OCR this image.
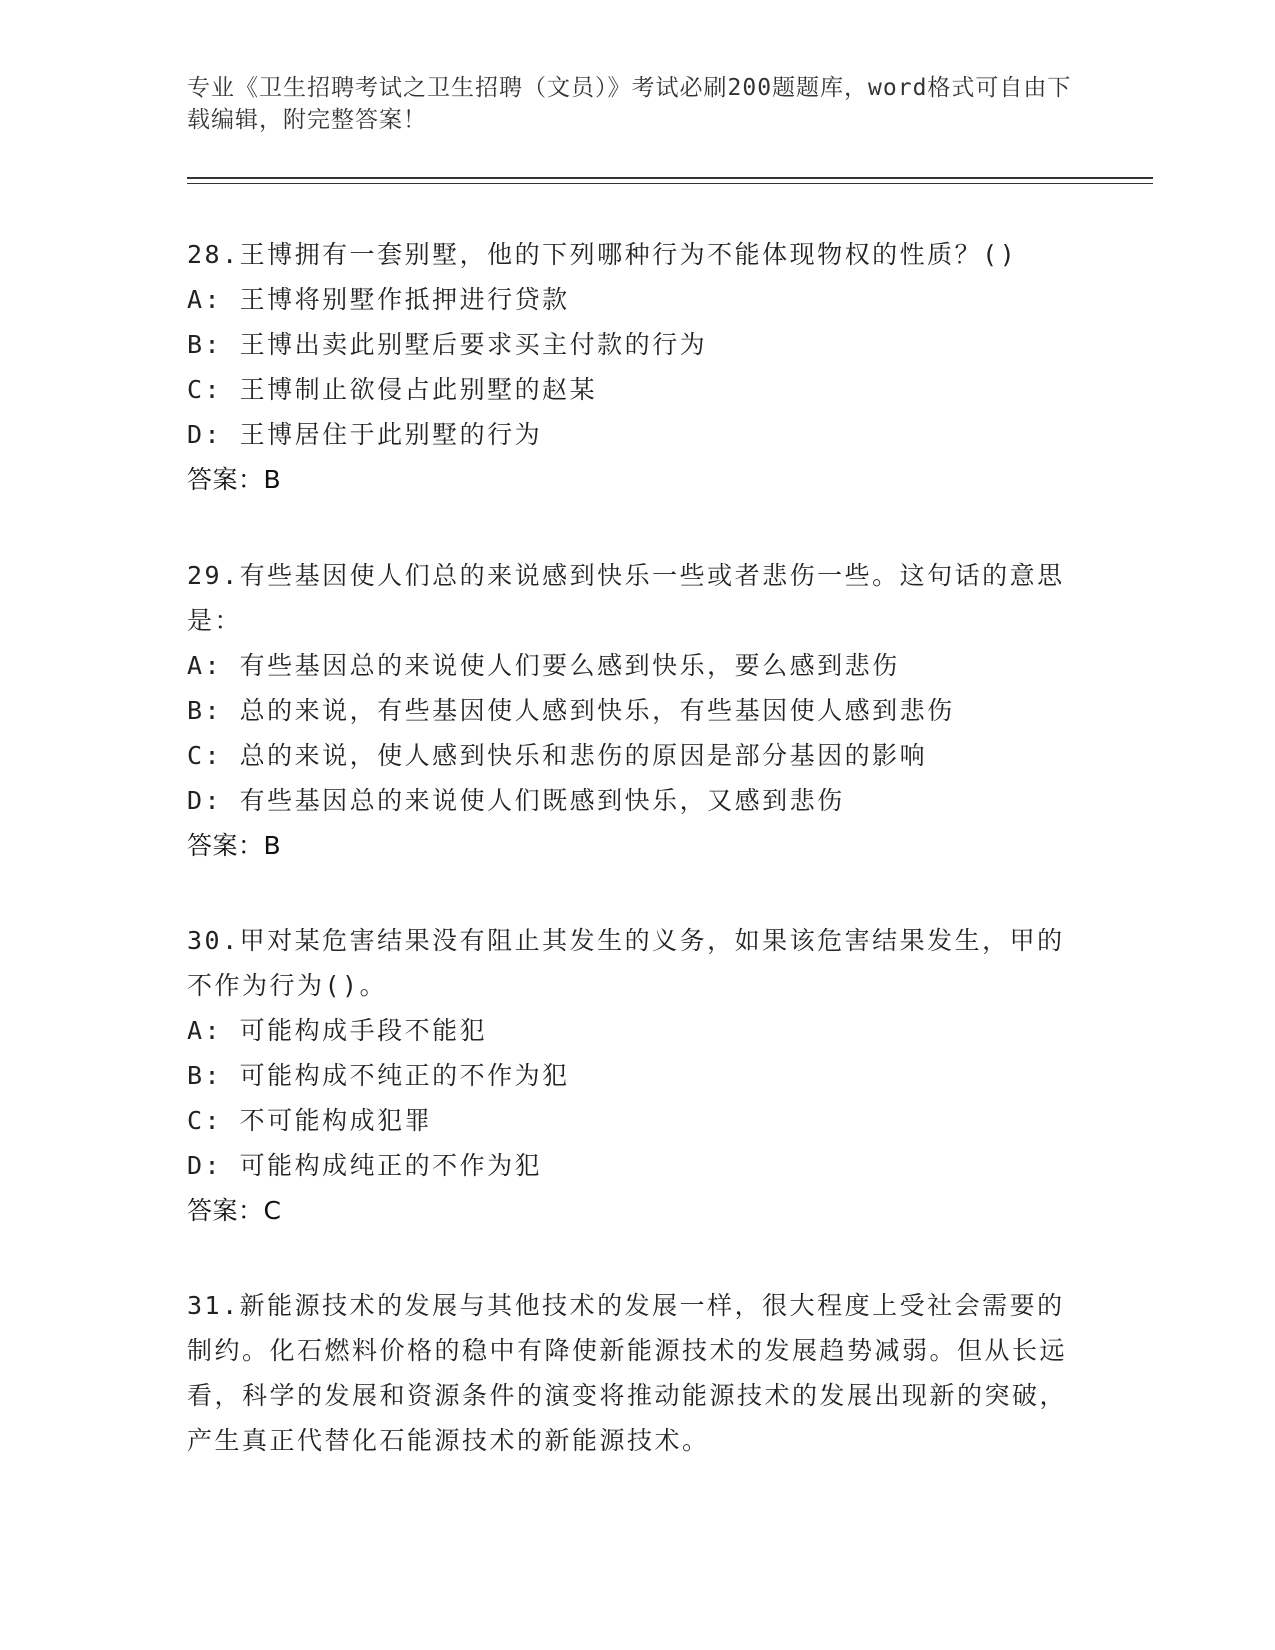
专业《卫生招聘考试之卫生招聘（文员）》考试必刷200题题库，word格式可自由下载编辑，附完整答案！

28.王博拥有一套别墅，他的下列哪种行为不能体现物权的性质？()

A: 王博将别墅作抵押进行贷款

B: 王博出卖此别墅后要求买主付款的行为

C: 王博制止欲侵占此别墅的赵某

D: 王博居住于此别墅的行为

答案：B

29.有些基因使人们总的来说感到快乐一些或者悲伤一些。这句话的意思是：

A: 有些基因总的来说使人们要么感到快乐，要么感到悲伤

B: 总的来说，有些基因使人感到快乐，有些基因使人感到悲伤

C: 总的来说，使人感到快乐和悲伤的原因是部分基因的影响

D: 有些基因总的来说使人们既感到快乐，又感到悲伤

答案：B

30.甲对某危害结果没有阻止其发生的义务，如果该危害结果发生，甲的不作为行为()。

A: 可能构成手段不能犯

B: 可能构成不纯正的不作为犯

C: 不可能构成犯罪

D: 可能构成纯正的不作为犯

答案：C

31.新能源技术的发展与其他技术的发展一样，很大程度上受社会需要的制约。化石燃料价格的稳中有降使新能源技术的发展趋势减弱。但从长远看，科学的发展和资源条件的演变将推动能源技术的发展出现新的突破，产生真正代替化石能源技术的新能源技术。
